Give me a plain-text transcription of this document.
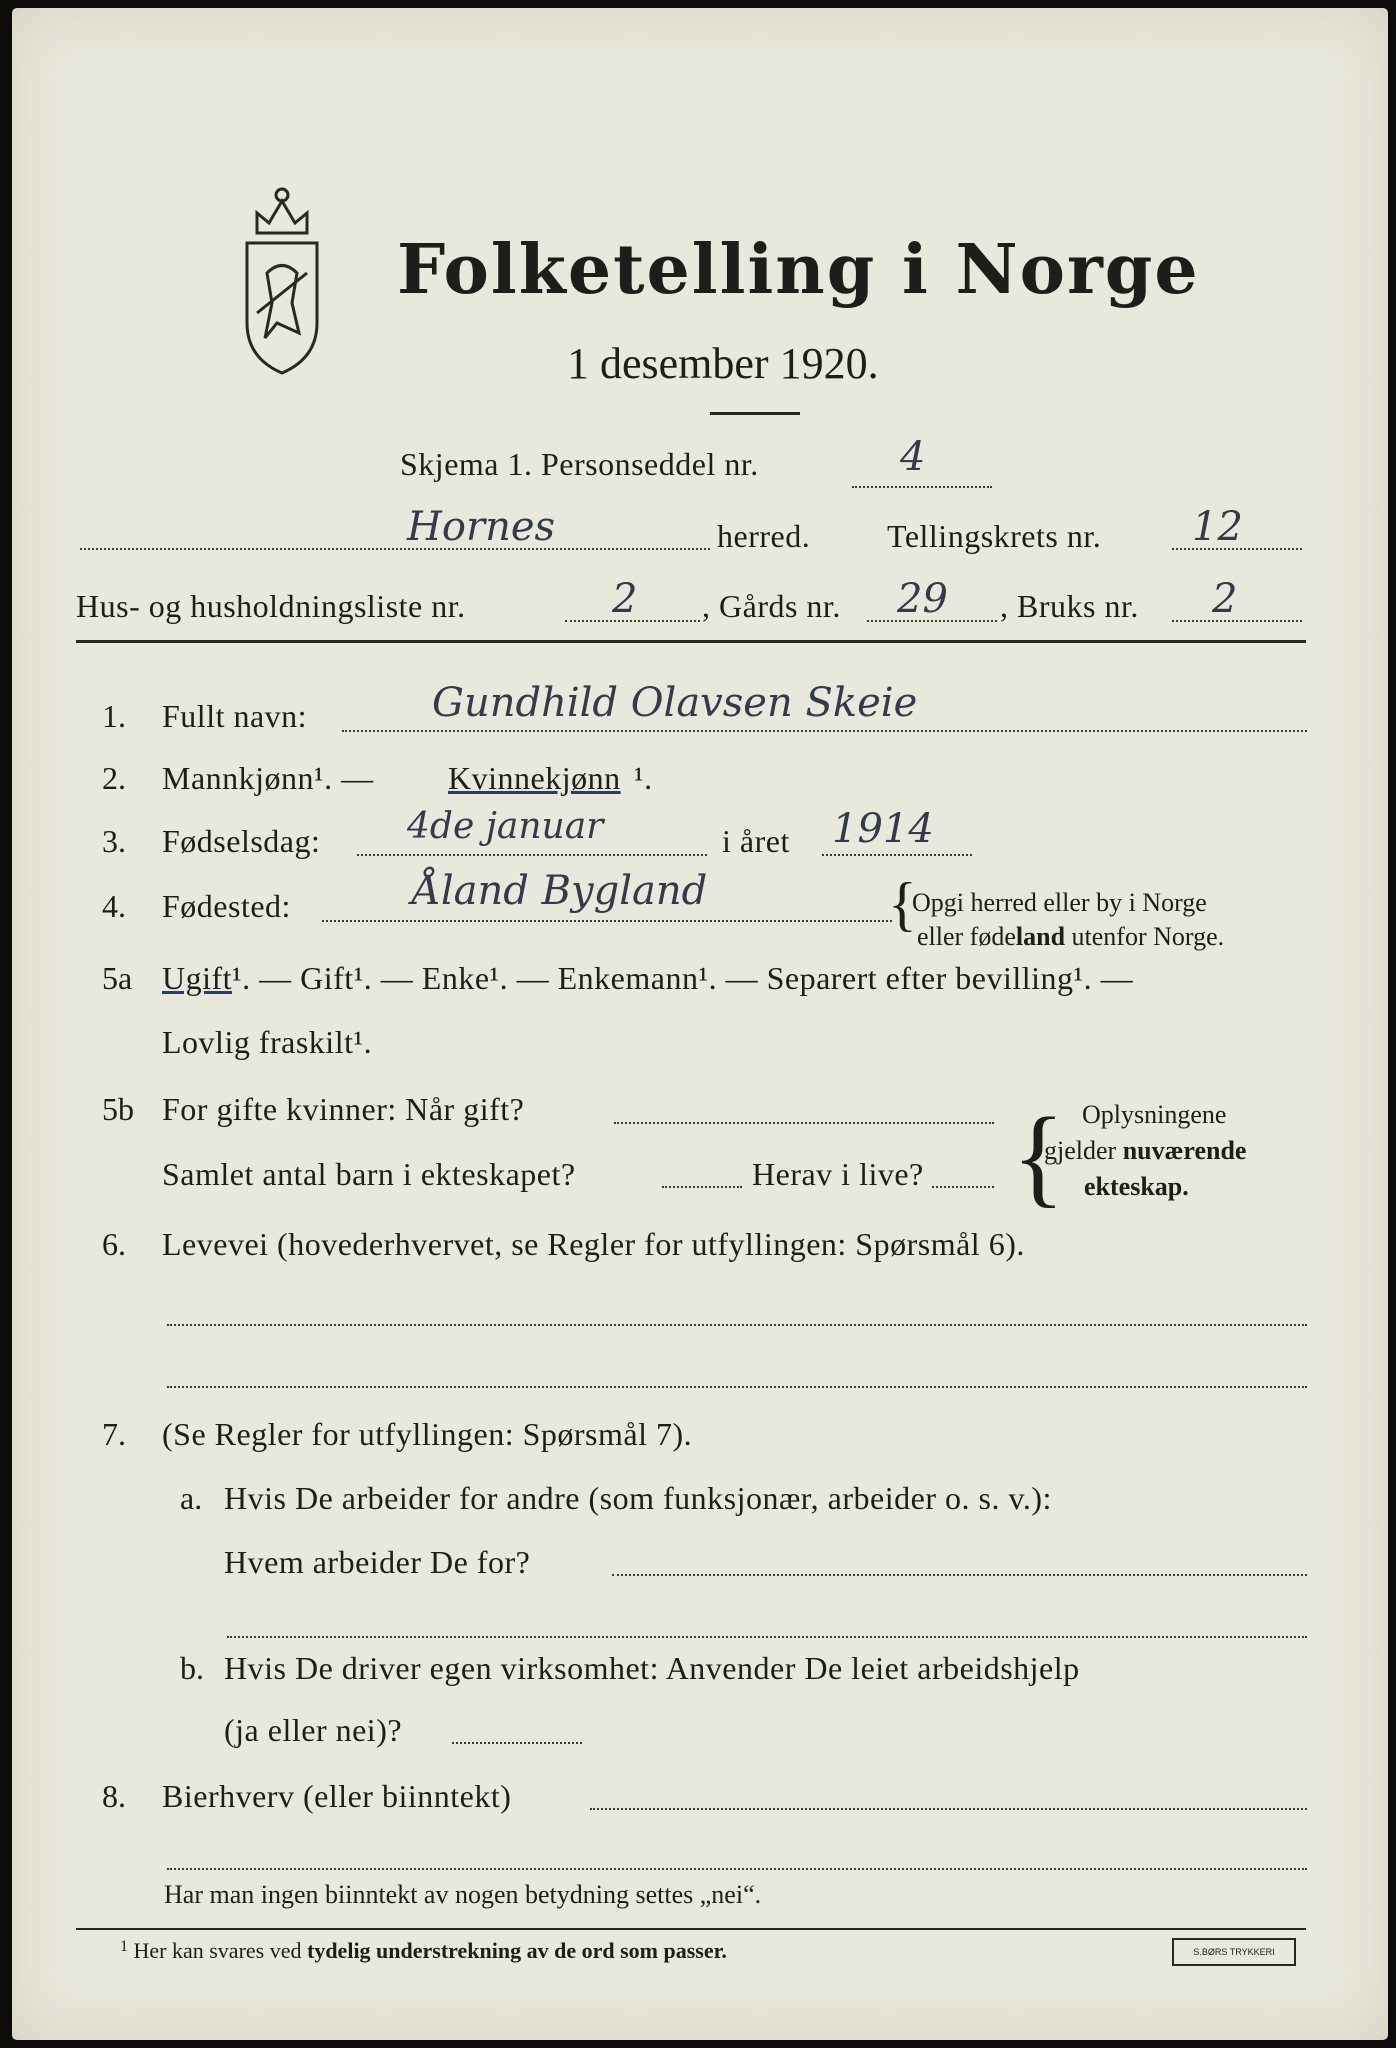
Folketelling i Norge
1 desember 1920.
Skjema 1. Personseddel nr.	4
Hornes	herred. Tellingskrets nr. 12
Hus- og husholdningsliste nr.	2 , Gårds nr. 29 , Bruks nr. 2
1. Fullt navn:	Gundhild Olavsen Skeie
2. Mannkjønn¹. — Kvinnekjønn ¹.
3. Fødselsdag: 4de januar	i året 1914
4. Fødested:	Åland Bygland	{
Opgi herred eller by i Norge
eller fødeland utenfor Norge.
5a Ugift¹. — Gift¹. — Enke¹. — Enkemann¹. — Separert efter bevilling¹. —
Lovlig fraskilt¹.
5b For gifte kvinner: Når gift?
Samlet antal barn i ekteskapet?	Herav i live? { Oplysningene
gjelder nuværende
ekteskap.
6. Levevei (hovederhvervet, se Regler for utfyllingen: Spørsmål 6).
7. (Se Regler for utfyllingen: Spørsmål 7).
a. Hvis De arbeider for andre (som funksjonær, arbeider o. s. v.):
Hvem arbeider De for?
b. Hvis De driver egen virksomhet: Anvender De leiet arbeidshjelp
(ja eller nei)?
8. Bierhverv (eller biinntekt)
Har man ingen biinntekt av nogen betydning settes „nei“.
$^1$ Her kan svares ved tydelig understrekning av de ord som passer.	S.BØRS TRYKKERI
